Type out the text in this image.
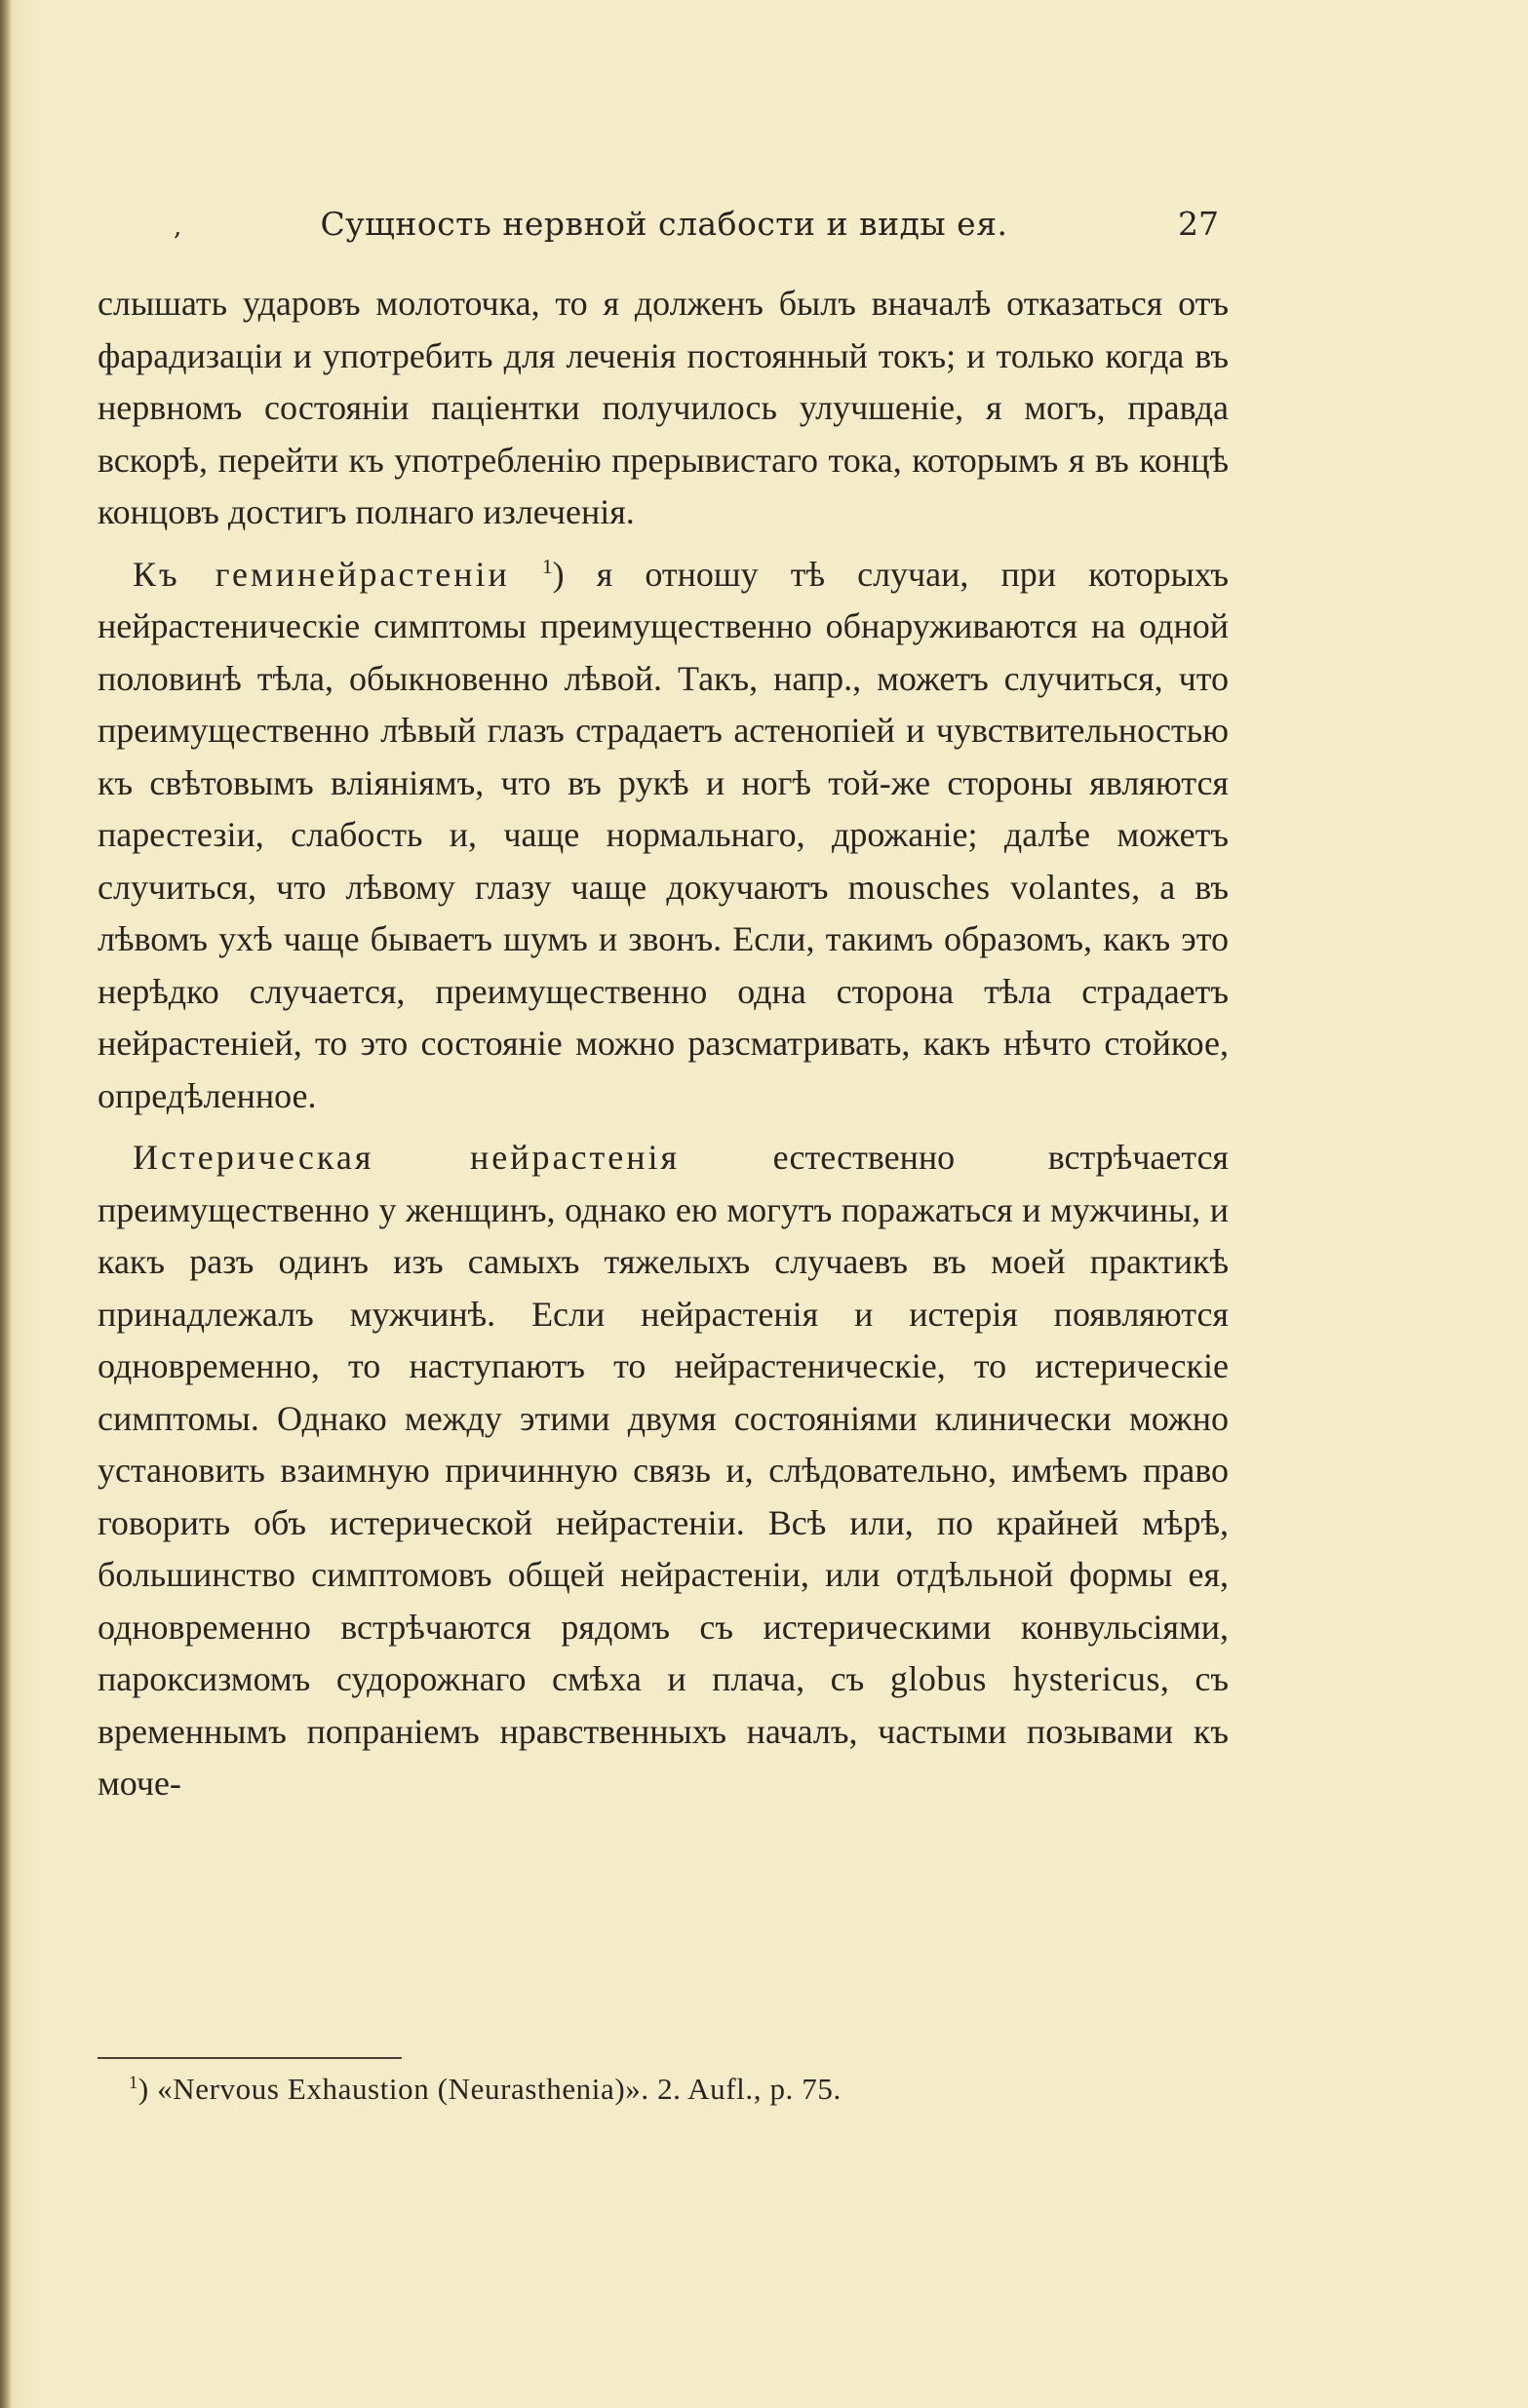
,	Сущность нервной слабости и виды ея.	27

слышать ударовъ молоточка, то я долженъ былъ вначалѣ отказаться отъ фарадизаціи и употребить для леченія постоянный токъ; и только когда въ нервномъ состояніи паціентки получилось улучшеніе, я могъ, правда вскорѣ, перейти къ употребленію прерывистаго тока, которымъ я въ концѣ концовъ достигъ полнаго излеченія.

Къ геминейрастеніи $^1$) я отношу тѣ случаи, при которыхъ нейрастеническіе симптомы преимущественно обнаруживаются на одной половинѣ тѣла, обыкновенно лѣвой. Такъ, напр., можетъ случиться, что преимущественно лѣвый глазъ страдаетъ астенопіей и чувствительностью къ свѣтовымъ вліяніямъ, что въ рукѣ и ногѣ той-же стороны являются парестезіи, слабость и, чаще нормальнаго, дрожаніе; далѣе можетъ случиться, что лѣвому глазу чаще докучаютъ mousches volantes, а въ лѣвомъ ухѣ чаще бываетъ шумъ и звонъ. Если, такимъ образомъ, какъ это нерѣдко случается, преимущественно одна сторона тѣла страдаетъ нейрастеніей, то это состояніе можно разсматривать, какъ нѣчто стойкое, опредѣленное.

Истерическая нейрастенія естественно встрѣчается преимущественно у женщинъ, однако ею могутъ поражаться и мужчины, и какъ разъ одинъ изъ самыхъ тяжелыхъ случаевъ въ моей практикѣ принадлежалъ мужчинѣ. Если нейрастенія и истерія появляются одновременно, то наступаютъ то нейрастеническіе, то истерическіе симптомы. Однако между этими двумя состояніями клинически можно установить взаимную причинную связь и, слѣдовательно, имѣемъ право говорить объ истерической нейрастеніи. Всѣ или, по крайней мѣрѣ, большинство симптомовъ общей нейрастеніи, или отдѣльной формы ея, одновременно встрѣчаются рядомъ съ истерическими конвульсіями, пароксизмомъ судорожнаго смѣха и плача, съ globus hystericus, съ временнымъ попраніемъ нравственныхъ началъ, частыми позывами къ моче-

$^1$) «Nervous Exhaustion (Neurasthenia)». 2. Aufl., p. 75.
